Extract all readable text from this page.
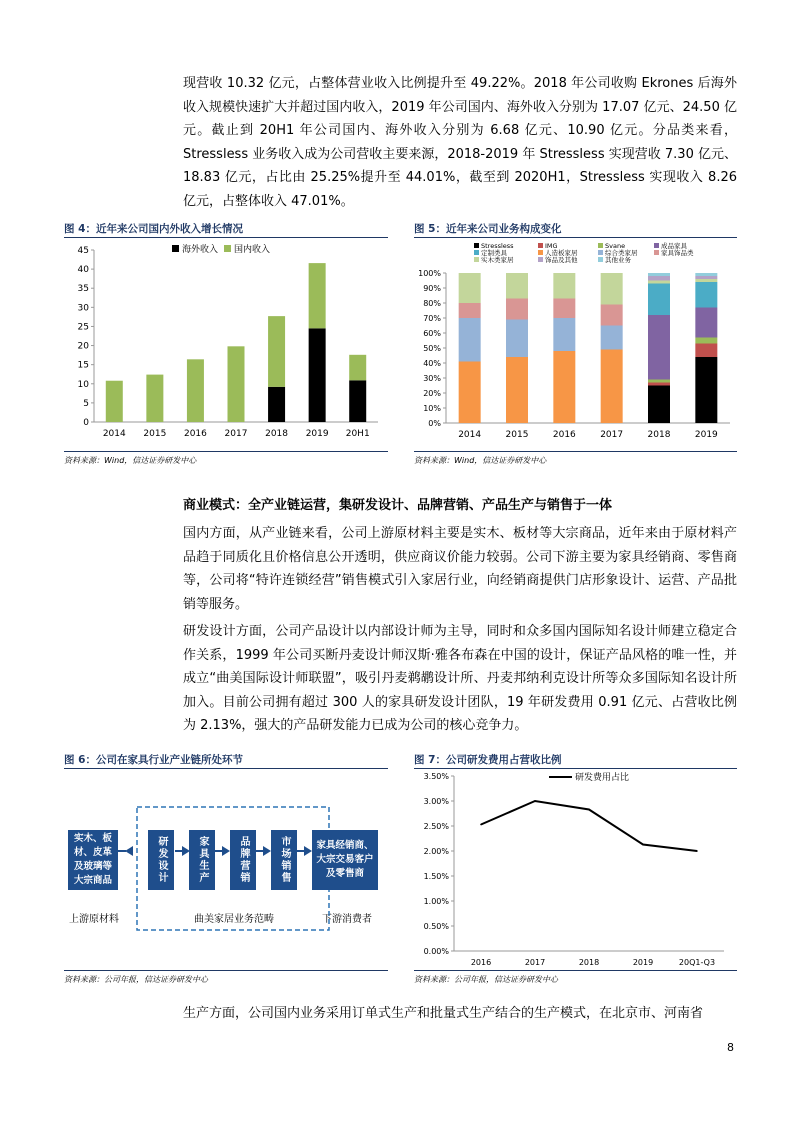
现营收 10.32 亿元，占整体营业收入比例提升至 49.22%。2018 年公司收购 Ekrones 后海外收入规模快速扩大并超过国内收入，2019 年公司国内、海外收入分别为 17.07 亿元、24.50 亿元。截止到 20H1 年公司国内、海外收入分别为 6.68 亿元、10.90 亿元。分品类来看，Stressless 业务收入成为公司营收主要来源，2018-2019 年 Stressless 实现营收 7.30 亿元、18.83 亿元，占比由 25.25%提升至 44.01%，截至到 2020H1，Stressless 实现收入 8.26 亿元，占整体收入 47.01%。

图 4：近年来公司国内外收入增长情况
0
5
10
15
20
25
30
35
40
45
2014 2015 2016 2017 2018 2019 20H1
海外收入 国内收入
资料来源：Wind，信达证券研发中心
图 5：近年来公司业务构成变化
0%
10%
20%
30%
40%
50%
60%
70%
80%
90%
100%
2014	2015	2016	2017	2018	2019
Stressless	IMG	Svane	成品家具
定制类具	人造板家居	综合类家居	家具饰品类
实木类家居	饰品及其他	其他业务
资料来源：Wind，信达证券研发中心
商业模式：全产业链运营，集研发设计、品牌营销、产品生产与销售于一体

国内方面，从产业链来看，公司上游原材料主要是实木、板材等大宗商品，近年来由于原材料产品趋于同质化且价格信息公开透明，供应商议价能力较弱。公司下游主要为家具经销商、零售商等，公司将“特许连锁经营”销售模式引入家居行业，向经销商提供门店形象设计、运营、产品批销等服务。

研发设计方面，公司产品设计以内部设计师为主导，同时和众多国内国际知名设计师建立稳定合作关系，1999 年公司买断丹麦设计师汉斯·雅各布森在中国的设计，保证产品风格的唯一性，并成立“曲美国际设计师联盟”，吸引丹麦鹈鹕设计所、丹麦邦纳利克设计所等众多国际知名设计所加入。目前公司拥有超过 300 人的家具研发设计团队，19 年研发费用 0.91 亿元、占营收比例为 2.13%，强大的产品研发能力已成为公司的核心竞争力。

图 6：公司在家具行业产业链所处环节
实木、板材、皮革及玻璃等大宗商品	研发设计	家具生产	品牌营销	市场销售	家具经销商、大宗交易客户及零售商
上游原材料	曲美家居业务范畴	下游消费者
资料来源：公司年报，信达证券研发中心
图 7：公司研发费用占营收比例
0.00%
0.50%
1.00%
1.50%
2.00%
2.50%
3.00%
3.50%
2016	2017	2018	2019	20Q1-Q3
研发费用占比
资料来源：公司年报，信达证券研发中心

生产方面，公司国内业务采用订单式生产和批量式生产结合的生产模式，在北京市、河南省

8
